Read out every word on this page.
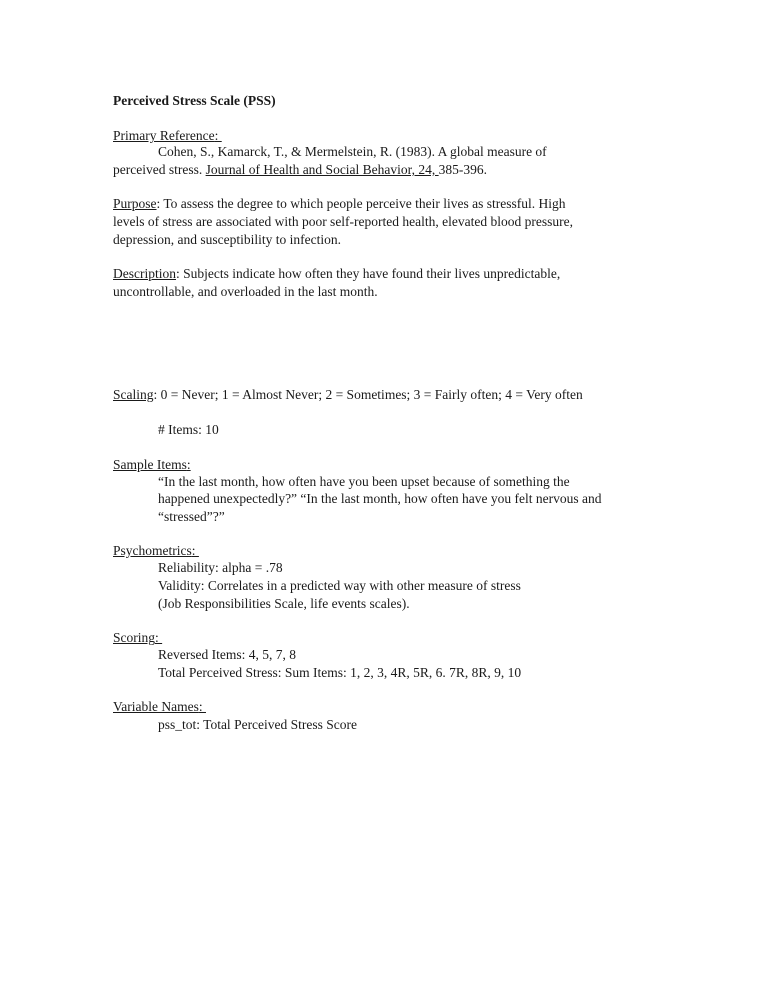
Perceived Stress Scale (PSS)
Primary Reference:
Cohen, S., Kamarck, T., & Mermelstein, R. (1983). A global measure of
perceived stress. Journal of Health and Social Behavior, 24, 385-396.
Purpose: To assess the degree to which people perceive their lives as stressful. High
levels of stress are associated with poor self-reported health, elevated blood pressure,
depression, and susceptibility to infection.
Description: Subjects indicate how often they have found their lives unpredictable,
uncontrollable, and overloaded in the last month.
Scaling: 0 = Never; 1 = Almost Never; 2 = Sometimes; 3 = Fairly often; 4 = Very often
# Items: 10
Sample Items:
“In the last month, how often have you been upset because of something the
happened unexpectedly?” “In the last month, how often have you felt nervous and
“stressed”?”
Psychometrics:
Reliability: alpha = .78
Validity: Correlates in a predicted way with other measure of stress
(Job Responsibilities Scale, life events scales).
Scoring:
Reversed Items: 4, 5, 7, 8
Total Perceived Stress: Sum Items: 1, 2, 3, 4R, 5R, 6. 7R, 8R, 9, 10
Variable Names:
pss_tot: Total Perceived Stress Score
